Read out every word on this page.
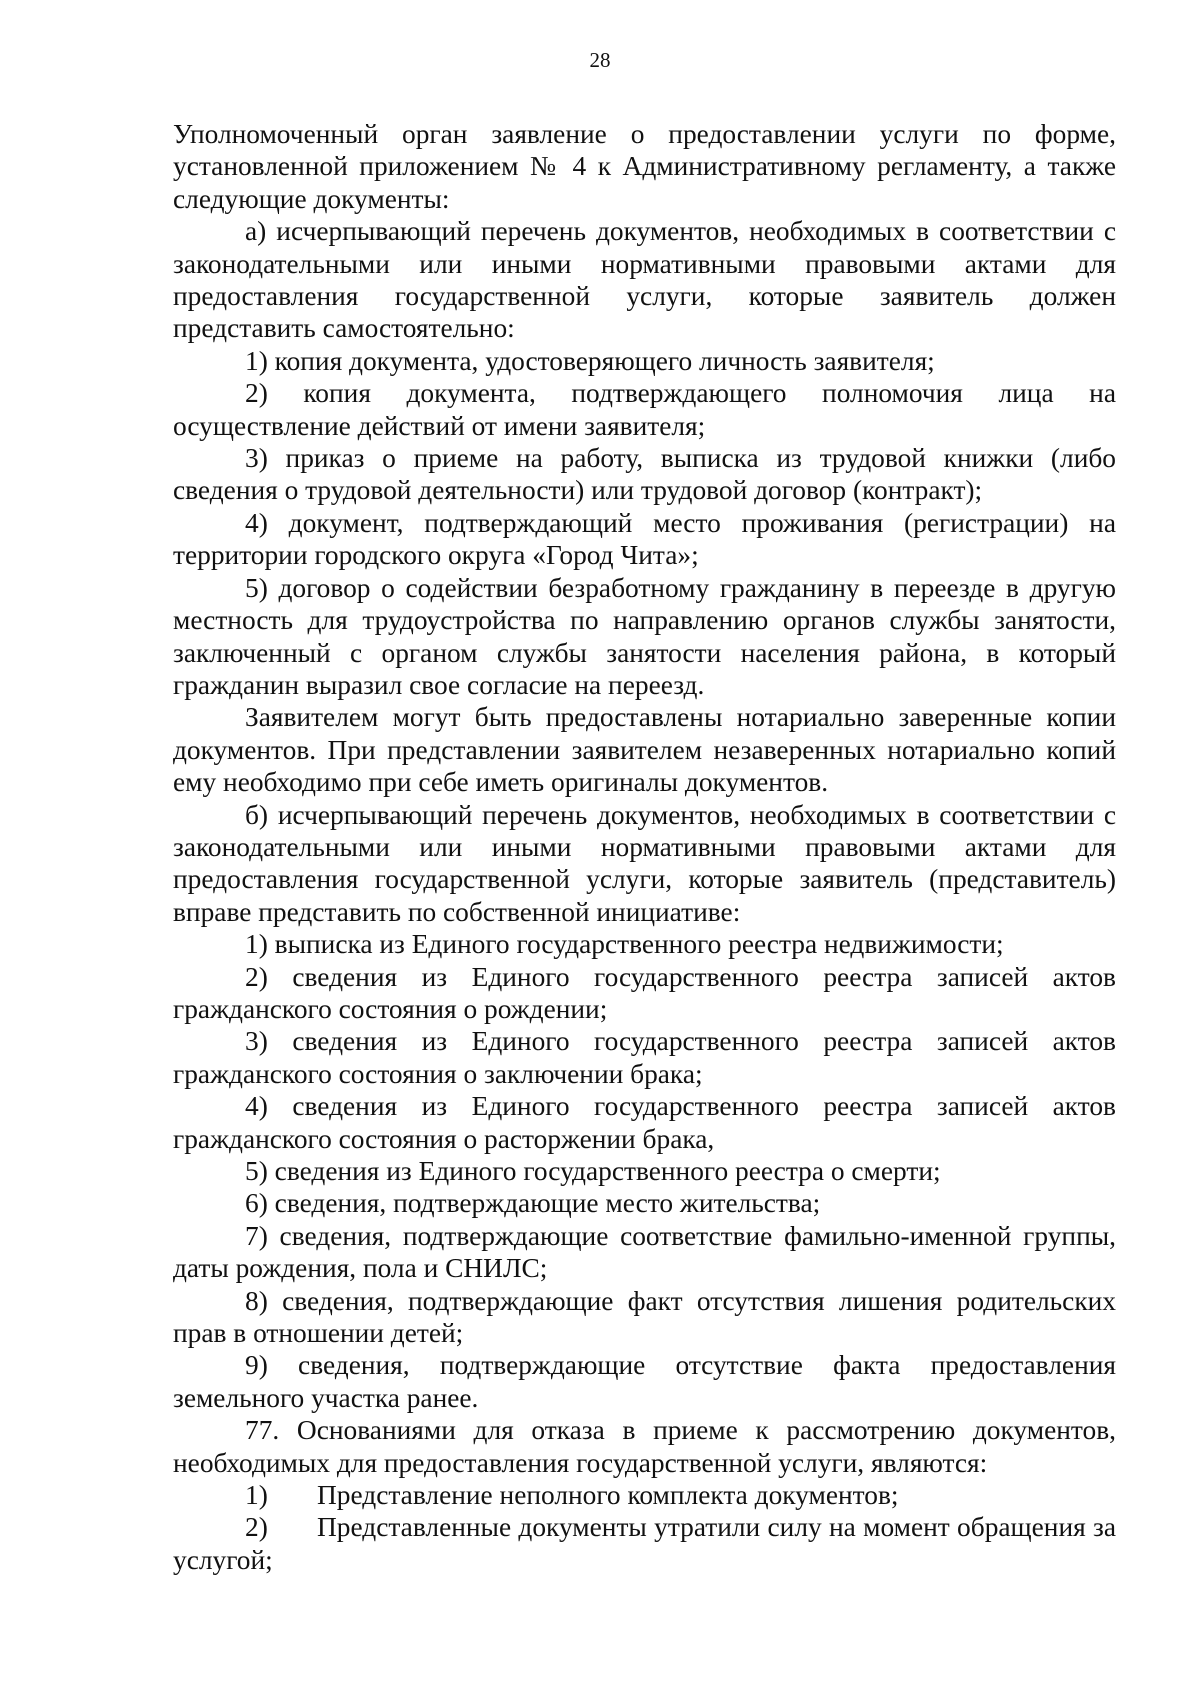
28

Уполномоченный орган заявление о предоставлении услуги по форме, установленной приложением № 4 к Административному регламенту, а также следующие документы:

а) исчерпывающий перечень документов, необходимых в соответствии с законодательными или иными нормативными правовыми актами для предоставления государственной услуги, которые заявитель должен представить самостоятельно:

1) копия документа, удостоверяющего личность заявителя;

2) копия документа, подтверждающего полномочия лица на осуществление действий от имени заявителя;

3) приказ о приеме на работу, выписка из трудовой книжки (либо сведения о трудовой деятельности) или трудовой договор (контракт);

4) документ, подтверждающий место проживания (регистрации) на территории городского округа «Город Чита»;

5) договор о содействии безработному гражданину в переезде в другую местность для трудоустройства по направлению органов службы занятости, заключенный с органом службы занятости населения района, в который гражданин выразил свое согласие на переезд.

Заявителем могут быть предоставлены нотариально заверенные копии документов. При представлении заявителем незаверенных нотариально копий ему необходимо при себе иметь оригиналы документов.

б) исчерпывающий перечень документов, необходимых в соответствии с законодательными или иными нормативными правовыми актами для предоставления государственной услуги, которые заявитель (представитель) вправе представить по собственной инициативе:

1) выписка из Единого государственного реестра недвижимости;

2) сведения из Единого государственного реестра записей актов гражданского состояния о рождении;

3) сведения из Единого государственного реестра записей актов гражданского состояния о заключении брака;

4) сведения из Единого государственного реестра записей актов гражданского состояния о расторжении брака,

5) сведения из Единого государственного реестра о смерти;

6) сведения, подтверждающие место жительства;

7) сведения, подтверждающие соответствие фамильно-именной группы, даты рождения, пола и СНИЛС;

8) сведения, подтверждающие факт отсутствия лишения родительских прав в отношении детей;

9) сведения, подтверждающие отсутствие факта предоставления земельного участка ранее.

77. Основаниями для отказа в приеме к рассмотрению документов, необходимых для предоставления государственной услуги, являются:

1) Представление неполного комплекта документов;

2) Представленные документы утратили силу на момент обращения за услугой;
